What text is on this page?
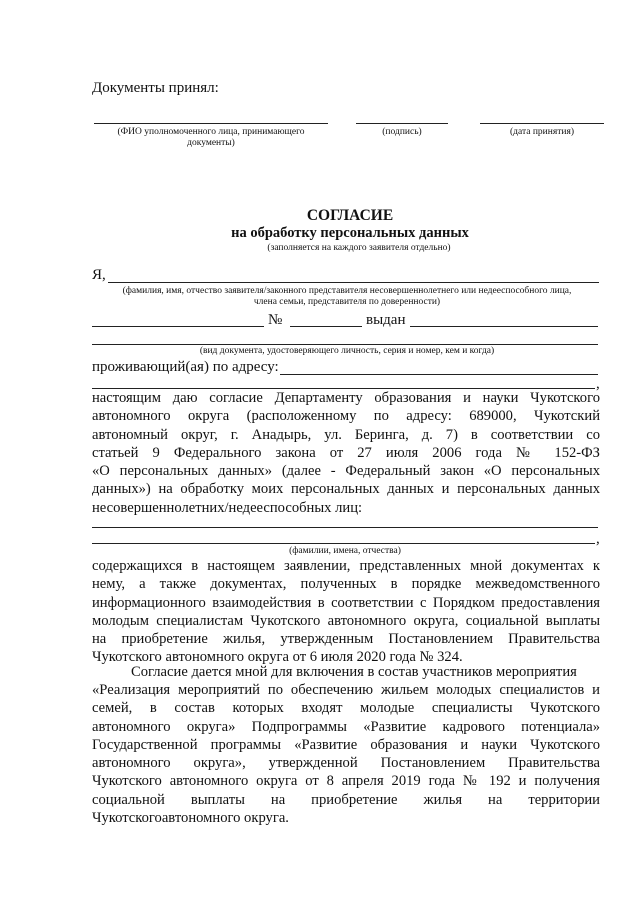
Документы принял:
(ФИО уполномоченного лица, принимающего
документы)
(подпись)	(дата принятия)
СОГЛАСИЕ
на обработку персональных данных
(заполняется на каждого заявителя отдельно)
Я,
(фамилия, имя, отчество заявителя/законного представителя несовершеннолетнего или недееспособного лица,
члена семьи, представителя по доверенности)
№	выдан
(вид документа, удостоверяющего личность, серия и номер, кем и когда)
проживающий(ая) по адресу:
,
настоящим даю согласие Департаменту образования и науки Чукотского
автономного округа (расположенному по адресу: 689000, Чукотский
автономный округ, г. Анадырь, ул. Беринга, д. 7) в соответствии со
статьей 9 Федерального закона от 27 июля 2006 года № 152-ФЗ
«О персональных данных» (далее - Федеральный закон «О персональных
данных») на обработку моих персональных данных и персональных данных
несовершеннолетних/недееспособных лиц:
,
(фамилии, имена, отчества)
содержащихся в настоящем заявлении, представленных мной документах к
нему, а также документах, полученных в порядке межведомственного
информационного взаимодействия в соответствии с Порядком предоставления
молодым специалистам Чукотского автономного округа, социальной выплаты
на приобретение жилья, утвержденным Постановлением Правительства
Чукотского автономного округа от 6 июля 2020 года № 324.
Согласие дается мной для включения в состав участников мероприятия
«Реализация мероприятий по обеспечению жильем молодых специалистов и
семей, в состав которых входят молодые специалисты Чукотского
автономного округа» Подпрограммы «Развитие кадрового потенциала»
Государственной программы «Развитие образования и науки Чукотского
автономного округа», утвержденной Постановлением Правительства
Чукотского автономного округа от 8 апреля 2019 года № 192 и получения
социальной выплаты на приобретение жилья на территории
Чукотскогоавтономного округа.
